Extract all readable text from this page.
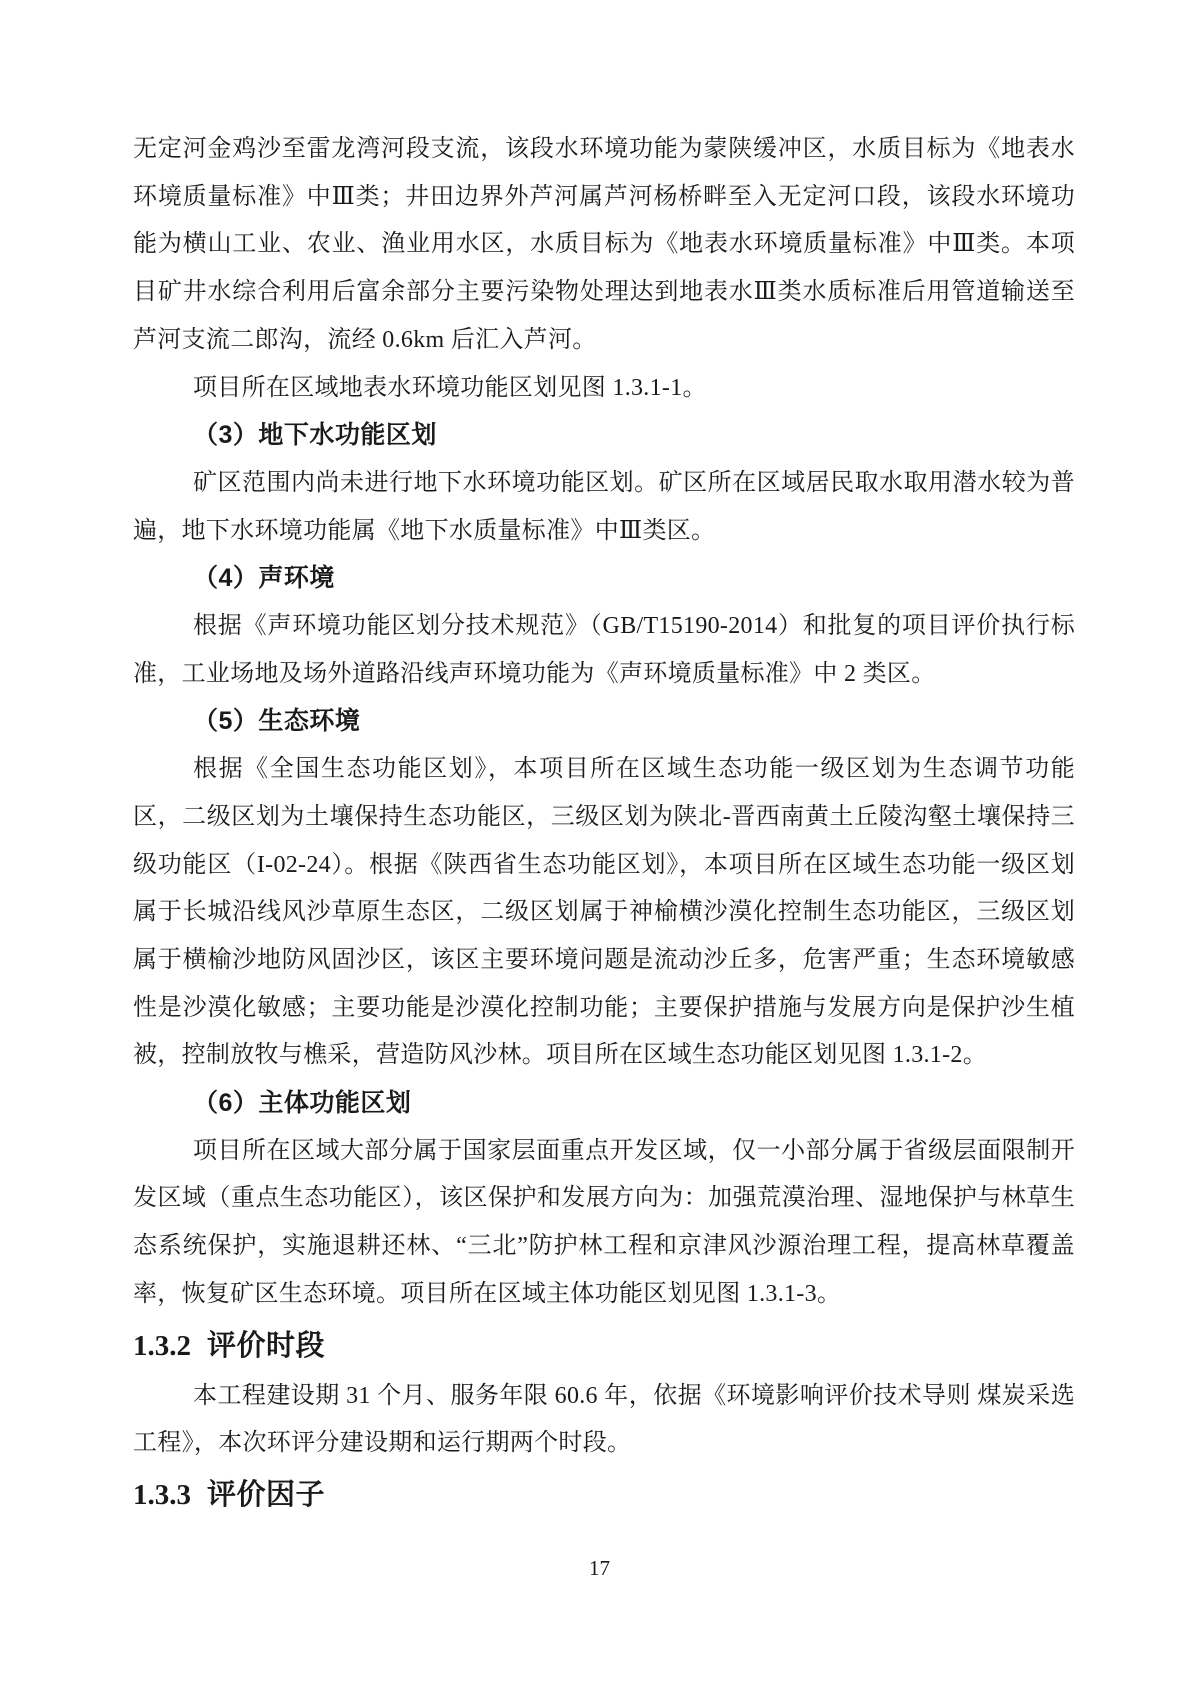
无定河金鸡沙至雷龙湾河段支流，该段水环境功能为蒙陕缓冲区，水质目标为《地表水环境质量标准》中Ⅲ类；井田边界外芦河属芦河杨桥畔至入无定河口段，该段水环境功能为横山工业、农业、渔业用水区，水质目标为《地表水环境质量标准》中Ⅲ类。本项目矿井水综合利用后富余部分主要污染物处理达到地表水Ⅲ类水质标准后用管道输送至芦河支流二郎沟，流经 0.6km 后汇入芦河。

项目所在区域地表水环境功能区划见图 1.3.1-1。

（3）地下水功能区划

矿区范围内尚未进行地下水环境功能区划。矿区所在区域居民取水取用潜水较为普遍，地下水环境功能属《地下水质量标准》中Ⅲ类区。

（4）声环境

根据《声环境功能区划分技术规范》（GB/T15190-2014）和批复的项目评价执行标准，工业场地及场外道路沿线声环境功能为《声环境质量标准》中 2 类区。

（5）生态环境

根据《全国生态功能区划》，本项目所在区域生态功能一级区划为生态调节功能区，二级区划为土壤保持生态功能区，三级区划为陕北-晋西南黄土丘陵沟壑土壤保持三级功能区（I-02-24）。根据《陕西省生态功能区划》，本项目所在区域生态功能一级区划属于长城沿线风沙草原生态区，二级区划属于神榆横沙漠化控制生态功能区，三级区划属于横榆沙地防风固沙区，该区主要环境问题是流动沙丘多，危害严重；生态环境敏感性是沙漠化敏感；主要功能是沙漠化控制功能；主要保护措施与发展方向是保护沙生植被，控制放牧与樵采，营造防风沙林。项目所在区域生态功能区划见图 1.3.1-2。

（6）主体功能区划

项目所在区域大部分属于国家层面重点开发区域，仅一小部分属于省级层面限制开发区域（重点生态功能区），该区保护和发展方向为：加强荒漠治理、湿地保护与林草生态系统保护，实施退耕还林、“三北”防护林工程和京津风沙源治理工程，提高林草覆盖率，恢复矿区生态环境。项目所在区域主体功能区划见图 1.3.1-3。

1.3.2 评价时段

本工程建设期 31 个月、服务年限 60.6 年，依据《环境影响评价技术导则 煤炭采选工程》，本次环评分建设期和运行期两个时段。

1.3.3 评价因子
17
